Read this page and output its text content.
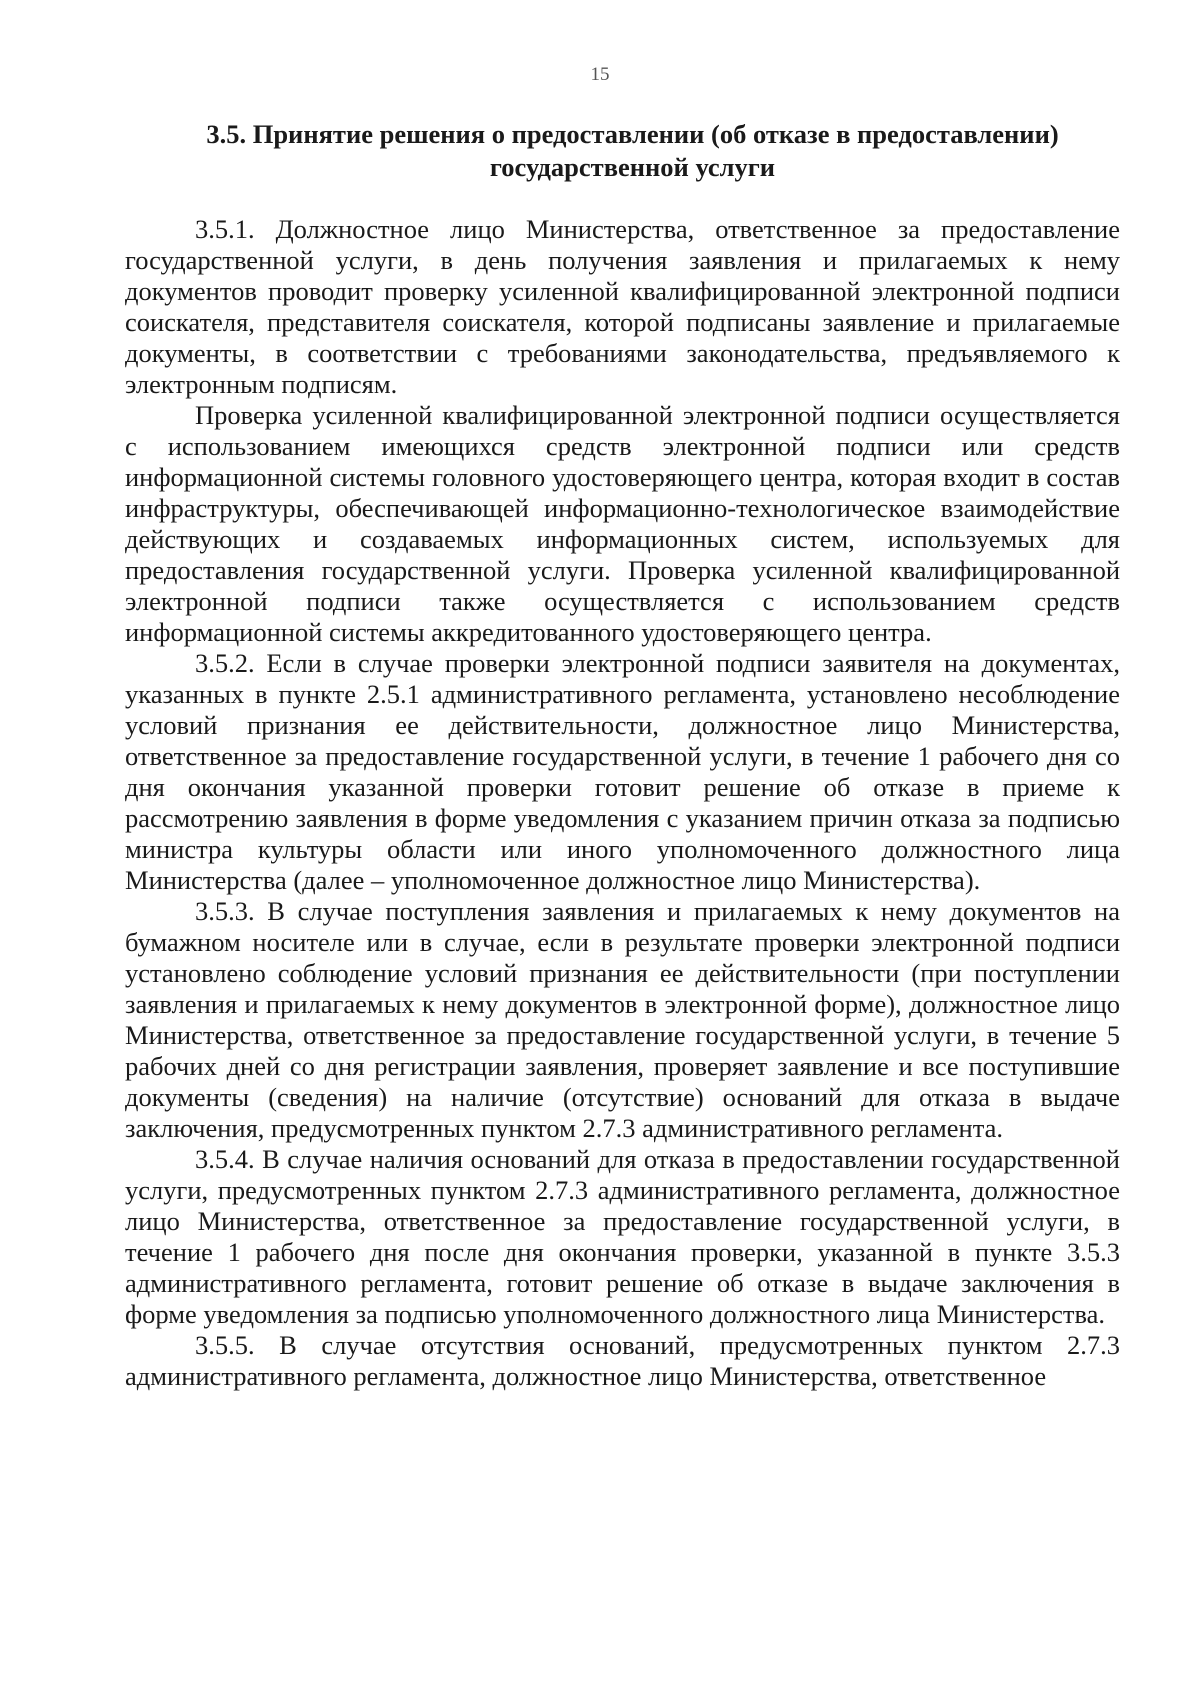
15
3.5. Принятие решения о предоставлении (об отказе в предоставлении)
государственной услуги

3.5.1. Должностное лицо Министерства, ответственное за предоставление государственной услуги, в день получения заявления и прилагаемых к нему документов проводит проверку усиленной квалифицированной электронной подписи соискателя, представителя соискателя, которой подписаны заявление и прилагаемые документы, в соответствии с требованиями законодательства, предъявляемого к электронным подписям.

Проверка усиленной квалифицированной электронной подписи осуществляется с использованием имеющихся средств электронной подписи или средств информационной системы головного удостоверяющего центра, которая входит в состав инфраструктуры, обеспечивающей информационно-технологическое взаимодействие действующих и создаваемых информационных систем, используемых для предоставления государственной услуги. Проверка усиленной квалифицированной электронной подписи также осуществляется с использованием средств информационной системы аккредитованного удостоверяющего центра.

3.5.2. Если в случае проверки электронной подписи заявителя на документах, указанных в пункте 2.5.1 административного регламента, установлено несоблюдение условий признания ее действительности, должностное лицо Министерства, ответственное за предоставление государственной услуги, в течение 1 рабочего дня со дня окончания указанной проверки готовит решение об отказе в приеме к рассмотрению заявления в форме уведомления с указанием причин отказа за подписью министра культуры области или иного уполномоченного должностного лица Министерства (далее – уполномоченное должностное лицо Министерства).

3.5.3. В случае поступления заявления и прилагаемых к нему документов на бумажном носителе или в случае, если в результате проверки электронной подписи установлено соблюдение условий признания ее действительности (при поступлении заявления и прилагаемых к нему документов в электронной форме), должностное лицо Министерства, ответственное за предоставление государственной услуги, в течение 5 рабочих дней со дня регистрации заявления, проверяет заявление и все поступившие документы (сведения) на наличие (отсутствие) оснований для отказа в выдаче заключения, предусмотренных пунктом 2.7.3 административного регламента.

3.5.4. В случае наличия оснований для отказа в предоставлении государственной услуги, предусмотренных пунктом 2.7.3 административного регламента, должностное лицо Министерства, ответственное за предоставление государственной услуги, в течение 1 рабочего дня после дня окончания проверки, указанной в пункте 3.5.3 административного регламента, готовит решение об отказе в выдаче заключения в форме уведомления за подписью уполномоченного должностного лица Министерства.

3.5.5. В случае отсутствия оснований, предусмотренных пунктом 2.7.3 административного регламента, должностное лицо Министерства, ответственное
